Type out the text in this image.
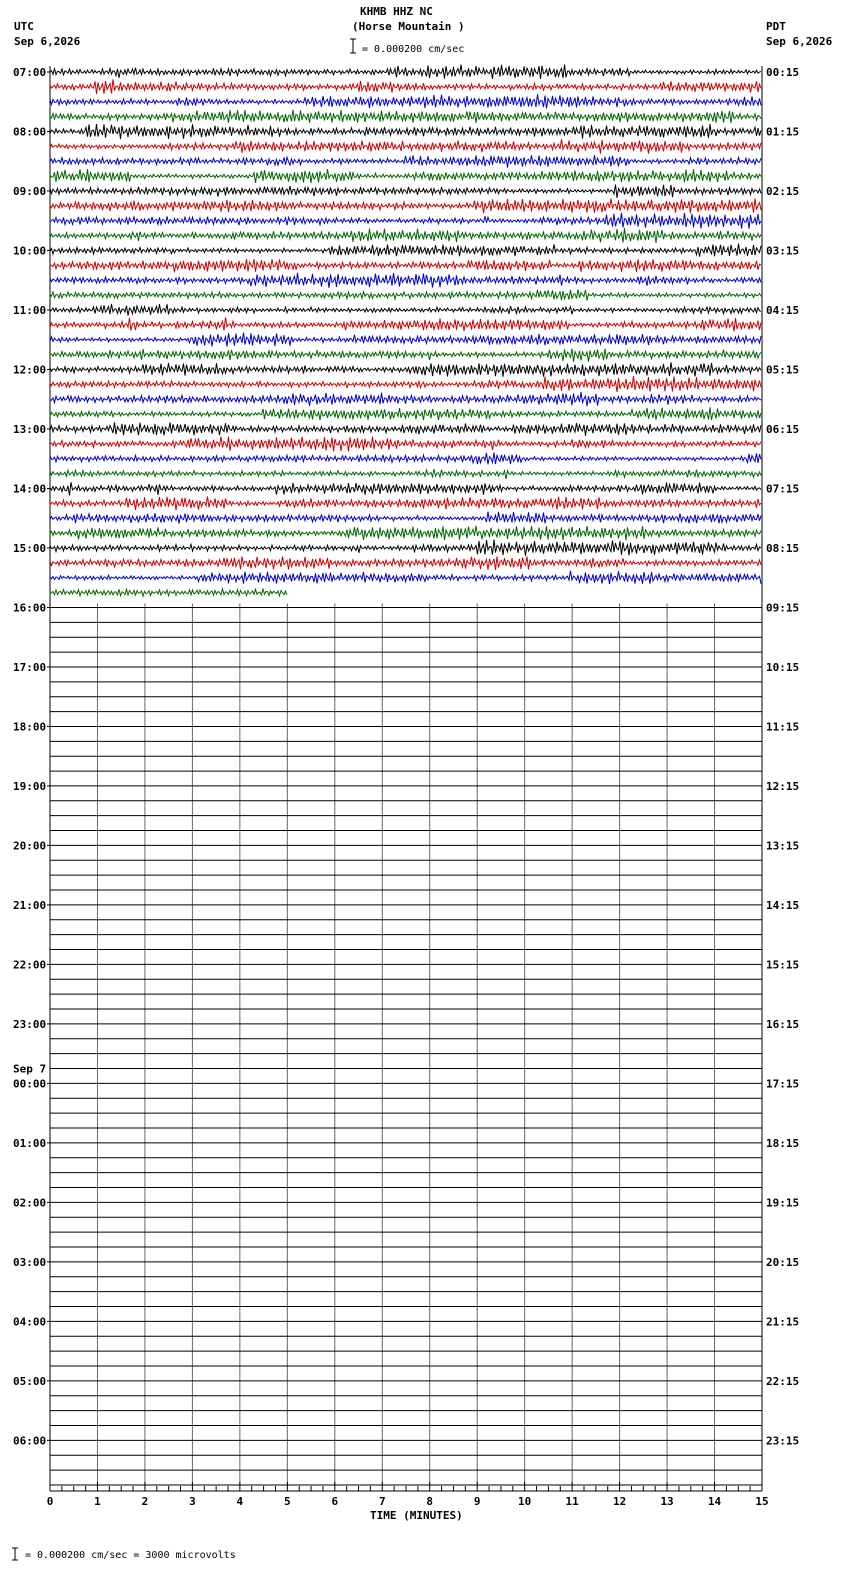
KHMB HHZ NC
(Horse Mountain )
= 0.000200 cm/sec
UTC
Sep 6,2026
PDT
Sep 6,2026
= 0.000200 cm/sec = 3000 microvolts
TIME (MINUTES)
07:00
08:00
09:00
10:00
11:00
12:00
13:00
14:00
15:00
16:00
17:00
18:00
19:00
20:00
21:00
22:00
23:00
00:00
01:00
02:00
03:00
04:00
05:00
06:00
Sep 7
00:15
01:15
02:15
03:15
04:15
05:15
06:15
07:15
08:15
09:15
10:15
11:15
12:15
13:15
14:15
15:15
16:15
17:15
18:15
19:15
20:15
21:15
22:15
23:15
0	1	2	3	4	5	6	7	8	9	10	11	12	13	14	15
